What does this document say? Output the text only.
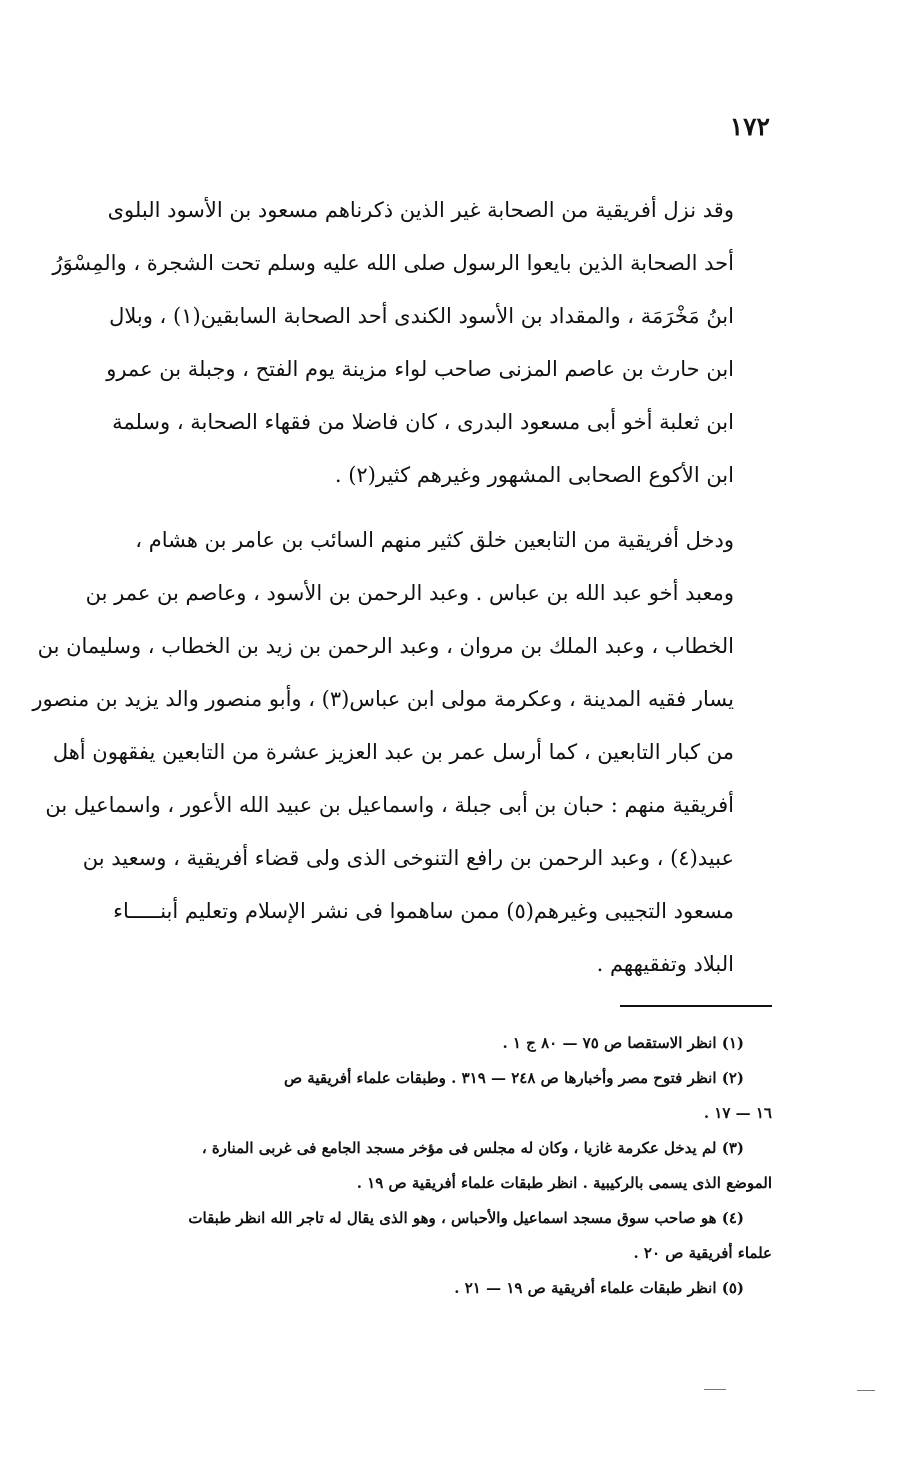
١٧٢

وقد نزل أفريقية من الصحابة غير الذين ذكرناهم مسعود بن الأسود البلوى
أحد الصحابة الذين بايعوا الرسول صلى الله عليه وسلم تحت الشجرة ، والمِسْوَرُ
ابنُ مَخْرَمَة ، والمقداد بن الأسود الكندى أحد الصحابة السابقين(١) ، وبلال
ابن حارث بن عاصم المزنى صاحب لواء مزينة يوم الفتح ، وجبلة بن عمرو
ابن ثعلبة أخو أبى مسعود البدرى ، كان فاضلا من فقهاء الصحابة ، وسلمة
ابن الأكوع الصحابى المشهور وغيرهم كثير(٢) .

ودخل أفريقية من التابعين خلق كثير منهم السائب بن عامر بن هشام ،
ومعبد أخو عبد الله بن عباس . وعبد الرحمن بن الأسود ، وعاصم بن عمر بن
الخطاب ، وعبد الملك بن مروان ، وعبد الرحمن بن زيد بن الخطاب ، وسليمان بن
يسار فقيه المدينة ، وعكرمة مولى ابن عباس(٣) ، وأبو منصور والد يزيد بن منصور
من كبار التابعين ، كما أرسل عمر بن عبد العزيز عشرة من التابعين يفقهون أهل
أفريقية منهم : حبان بن أبى جبلة ، واسماعيل بن عبيد الله الأعور ، واسماعيل بن
عبيد(٤) ، وعبد الرحمن بن رافع التنوخى الذى ولى قضاء أفريقية ، وسعيد بن
مسعود التجيبى وغيرهم(٥) ممن ساهموا فى نشر الإسلام وتعليم أبنـــــاء
البلاد وتفقيههم .

(١) انظر الاستقصا ص ٧٥ — ٨٠ ج ١ .

(٢) انظر فتوح مصر وأخبارها ص ٢٤٨ — ٣١٩ . وطبقات علماء أفريقية ص
١٦ — ١٧ .

(٣) لم يدخل عكرمة غازيا ، وكان له مجلس فى مؤخر مسجد الجامع فى غربى المنارة ،
الموضع الذى يسمى بالركيبية . انظر طبقات علماء أفريقية ص ١٩ .

(٤) هو صاحب سوق مسجد اسماعيل والأحباس ، وهو الذى يقال له تاجر الله انظر طبقات
علماء أفريقية ص ٢٠ .

(٥) انظر طبقات علماء أفريقية ص ١٩ — ٢١ .
